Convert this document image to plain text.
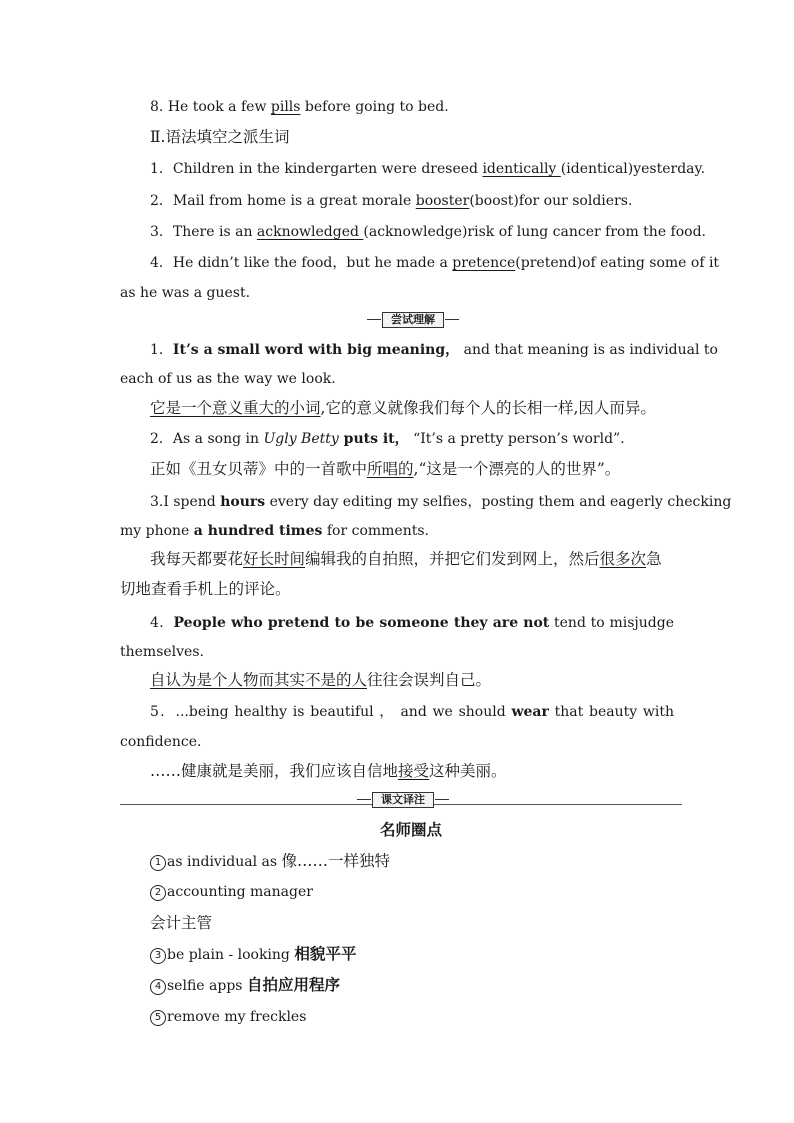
8. He took a few pills before going to bed.
Ⅱ.语法填空之派生词
1．Children in the kindergarten were dreseed identically (identical)yesterday.
2．Mail from home is a great morale booster(boost)for our soldiers.
3．There is an acknowledged (acknowledge)risk of lung cancer from the food.
4．He didn’t like the food，but he made a pretence(pretend)of eating some of it
as he was a guest.
尝试理解
1．It’s a small word with big meaning， and that meaning is as individual to
each of us as the way we look.
它是一个意义重大的小词,它的意义就像我们每个人的长相一样,因人而异。
2．As a song in Ugly Betty puts it， “It’s a pretty person’s world”.
正如《丑女贝蒂》中的一首歌中所唱的,“这是一个漂亮的人的世界”。
3.I spend hours every day editing my selfies，posting them and eagerly checking
my phone a hundred times for comments.
我每天都要花好长时间编辑我的自拍照，并把它们发到网上，然后很多次急
切地查看手机上的评论。
4．People who pretend to be someone they are not tend to misjudge
themselves.
自认为是个人物而其实不是的人往往会误判自己。
5．...being healthy is beautiful ， and we should wear that beauty with
confidence.
……健康就是美丽，我们应该自信地接受这种美丽。
课文译注
名师圈点
1 as individual as 像……一样独特
2 accounting manager
会计主管
3 be plain - looking 相貌平平
4 selfie apps 自拍应用程序
5 remove my freckles
